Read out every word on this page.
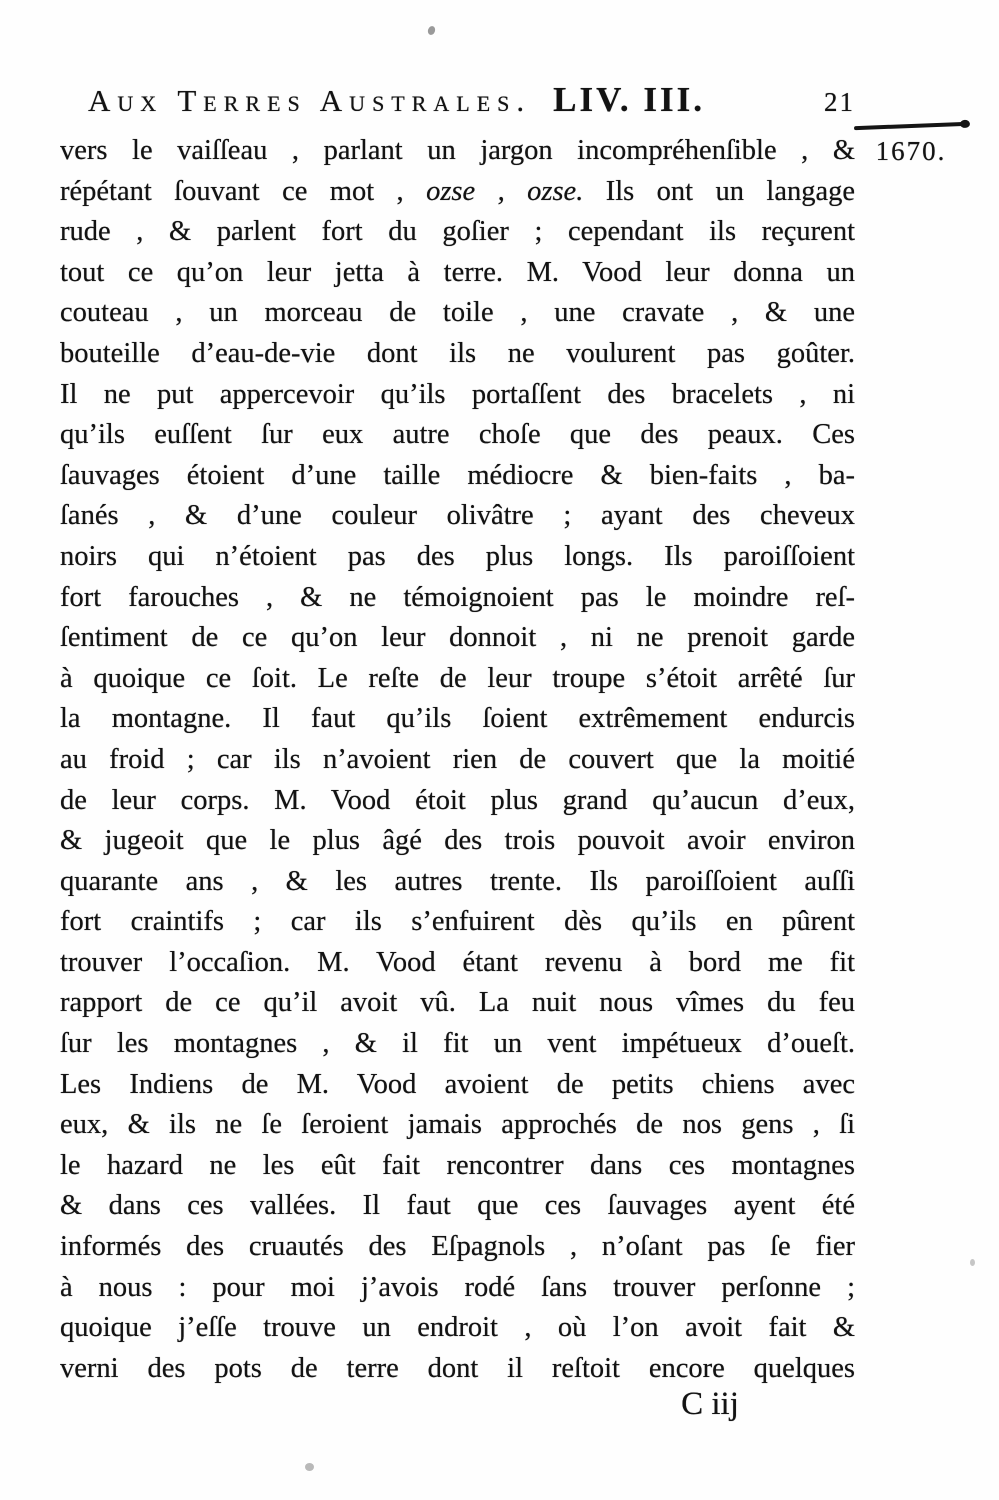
Aux Terres Australes. LIV. III.	21
1670.
vers le vaiſſeau , parlant un jargon incompréhenſible , &
répétant ſouvant ce mot , ozse , ozse. Ils ont un langage
rude , & parlent fort du goſier ; cependant ils reçurent
tout ce qu’on leur jetta à terre. M. Vood leur donna un
couteau , un morceau de toile , une cravate , & une
bouteille d’eau-de-vie dont ils ne voulurent pas goûter.
Il ne put appercevoir qu’ils portaſſent des bracelets , ni
qu’ils euſſent ſur eux autre choſe que des peaux. Ces
ſauvages étoient d’une taille médiocre & bien-faits , ba-
ſanés , & d’une couleur olivâtre ; ayant des cheveux
noirs qui n’étoient pas des plus longs. Ils paroiſſoient
fort farouches , & ne témoignoient pas le moindre reſ-
ſentiment de ce qu’on leur donnoit , ni ne prenoit garde
à quoique ce ſoit. Le reſte de leur troupe s’étoit arrêté ſur
la montagne. Il faut qu’ils ſoient extrêmement endurcis
au froid ; car ils n’avoient rien de couvert que la moitié
de leur corps. M. Vood étoit plus grand qu’aucun d’eux,
& jugeoit que le plus âgé des trois pouvoit avoir environ
quarante ans , & les autres trente. Ils paroiſſoient auſſi
fort craintifs ; car ils s’enfuirent dès qu’ils en pûrent
trouver l’occaſion. M. Vood étant revenu à bord me fit
rapport de ce qu’il avoit vû. La nuit nous vîmes du feu
ſur les montagnes , & il fit un vent impétueux d’oueſt.
Les Indiens de M. Vood avoient de petits chiens avec
eux, & ils ne ſe ſeroient jamais approchés de nos gens , ſi
le hazard ne les eût fait rencontrer dans ces montagnes
& dans ces vallées. Il faut que ces ſauvages ayent été
informés des cruautés des Eſpagnols , n’oſant pas ſe fier
à nous : pour moi j’avois rodé ſans trouver perſonne ;
quoique j’eſſe trouve un endroit , où l’on avoit fait &
verni des pots de terre dont il reſtoit encore quelques
C iij
